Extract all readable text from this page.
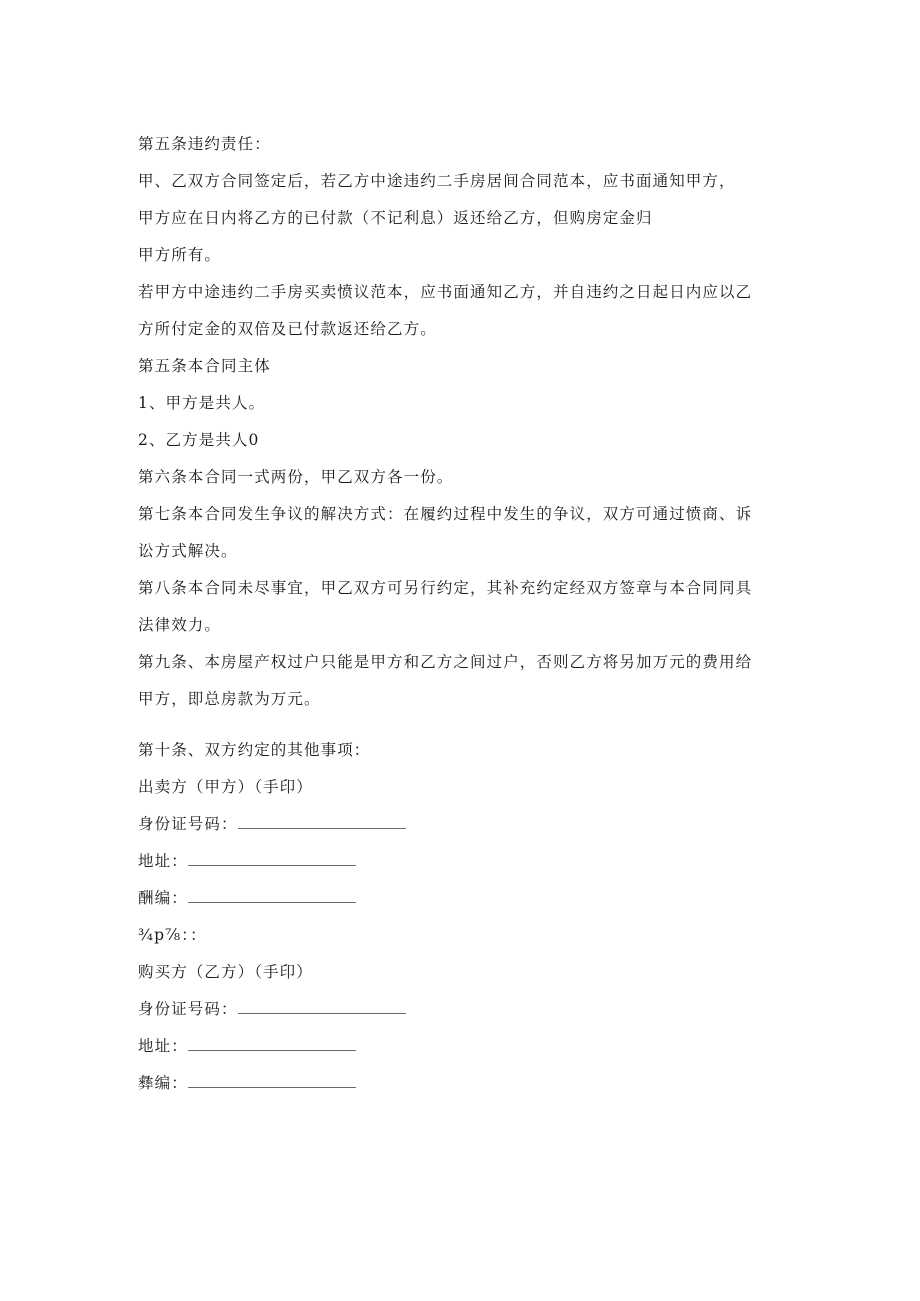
第五条违约责任：
甲、乙双方合同签定后，若乙方中途违约二手房居间合同范本，应书面通知甲方，
甲方应在日内将乙方的已付款（不记利息）返还给乙方，但购房定金归
甲方所有。
若甲方中途违约二手房买卖愤议范本，应书面通知乙方，并自违约之日起日内应以乙
方所付定金的双倍及已付款返还给乙方。
第五条本合同主体
1、甲方是共人。
2、乙方是共人0
第六条本合同一式两份，甲乙双方各一份。
第七条本合同发生争议的解决方式：在履约过程中发生的争议，双方可通过愤商、诉
讼方式解决。
第八条本合同未尽事宜，甲乙双方可另行约定，其补充约定经双方签章与本合同同具
法律效力。
第九条、本房屋产权过户只能是甲方和乙方之间过户，否则乙方将另加万元的费用给
甲方，即总房款为万元。
第十条、双方约定的其他事项：
出卖方（甲方）（手印）
身份证号码：
地址：
酬编：
¾p⅞：：
购买方（乙方）（手印）
身份证号码：
地址：
彝编：
